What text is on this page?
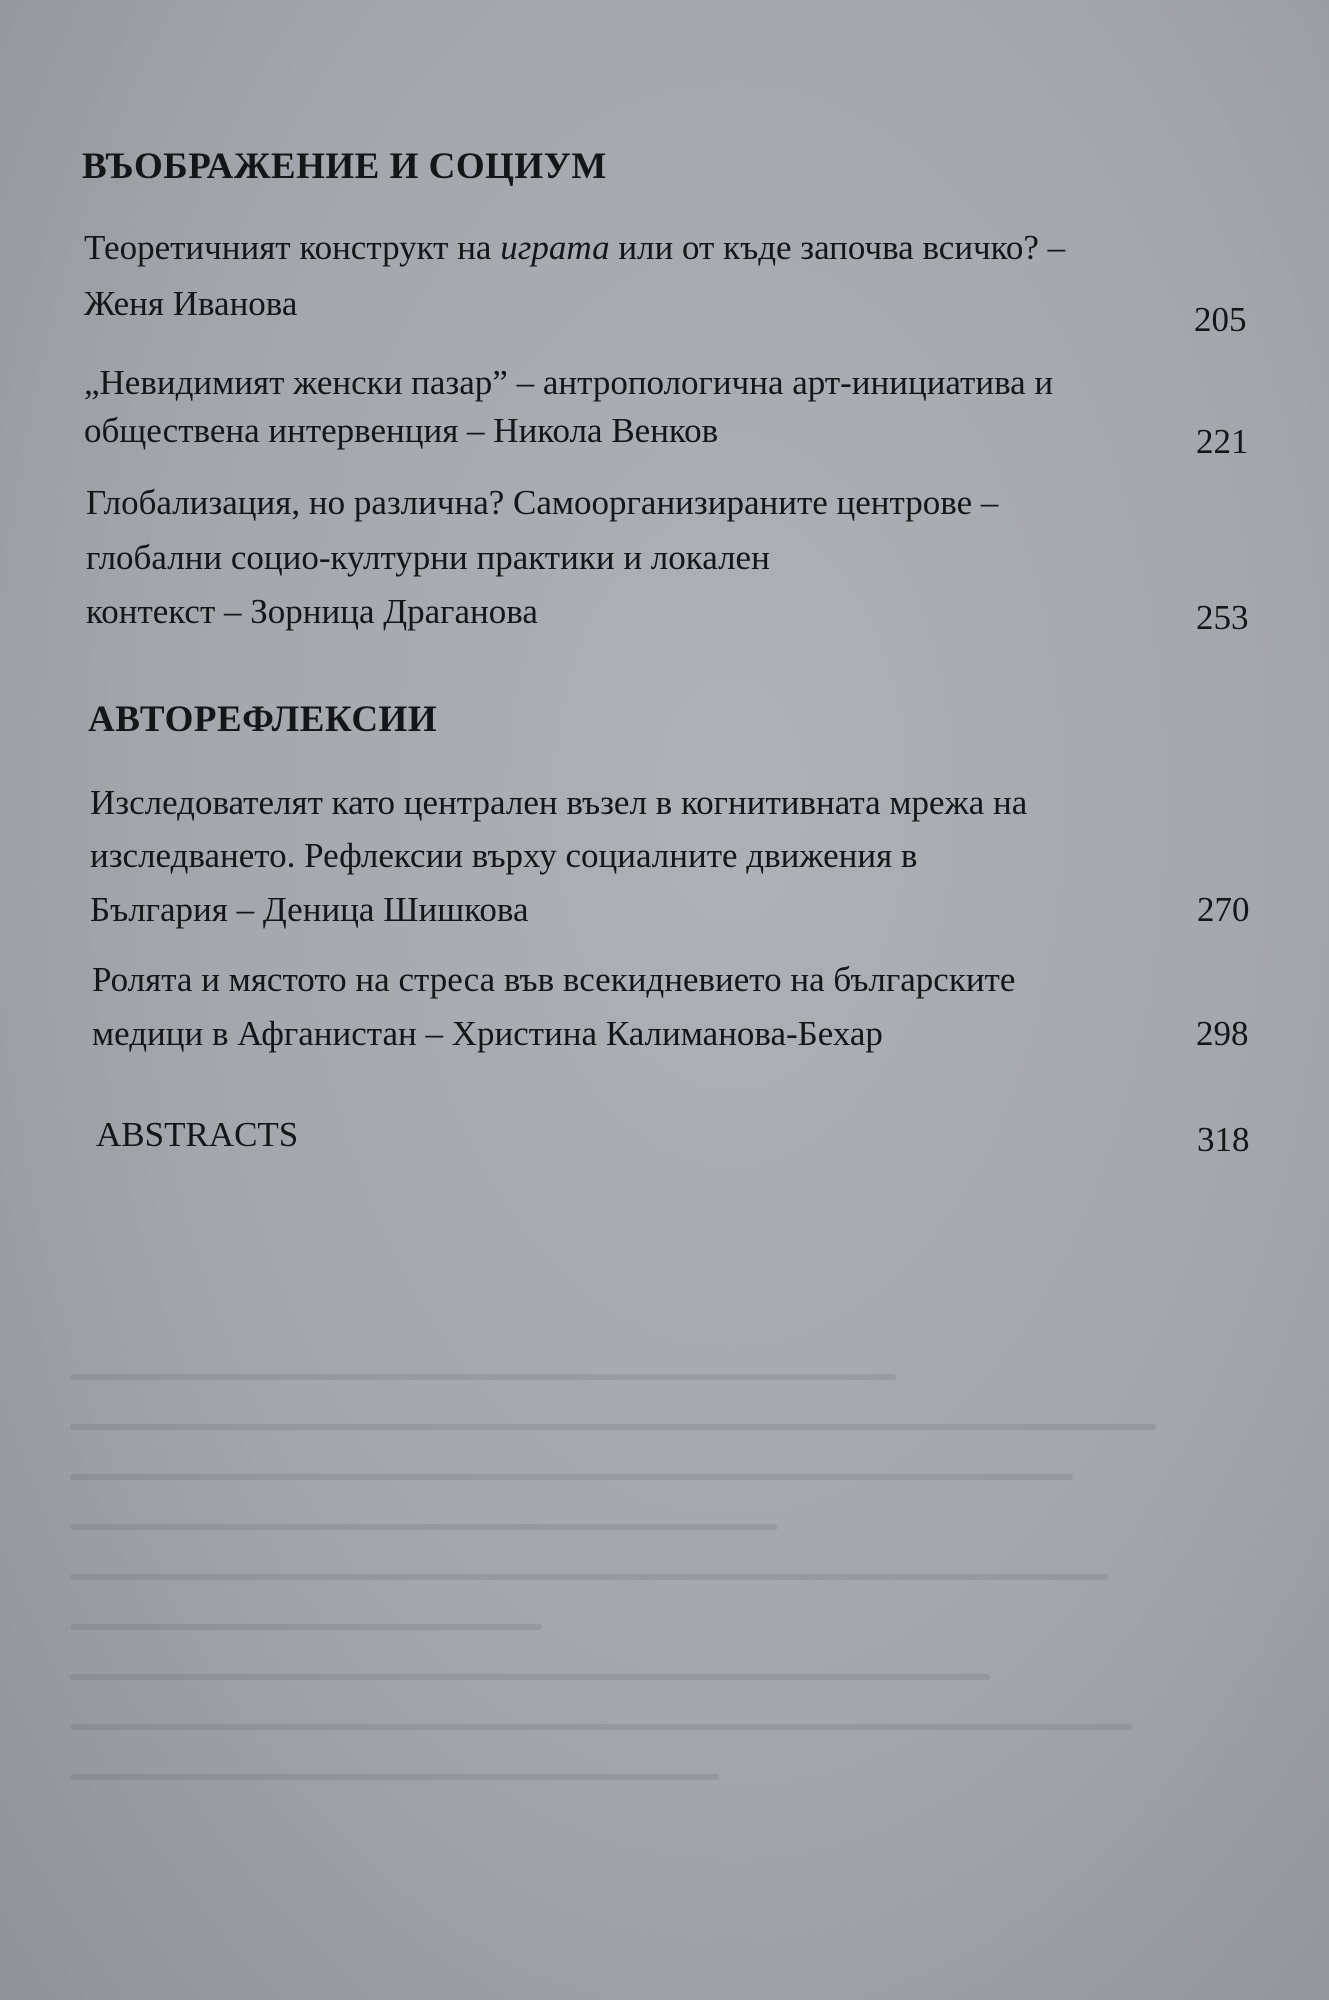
ВЪОБРАЖЕНИЕ И СОЦИУМ
Теоретичният конструкт на играта или от къде започва всичко? –
Женя Иванова	205
„Невидимият женски пазар” – антропологична арт-инициатива и
обществена интервенция – Никола Венков	221
Глобализация, но различна? Самоорганизираните центрове –
глобални социо-културни практики и локален
контекст – Зорница Драганова	253
АВТОРЕФЛЕКСИИ
Изследователят като централен възел в когнитивната мрежа на
изследването. Рефлексии върху социалните движения в
България – Деница Шишкова	270
Ролята и мястото на стреса във всекидневието на българските
медици в Афганистан – Христина Калиманова-Бехар	298
ABSTRACTS	318
